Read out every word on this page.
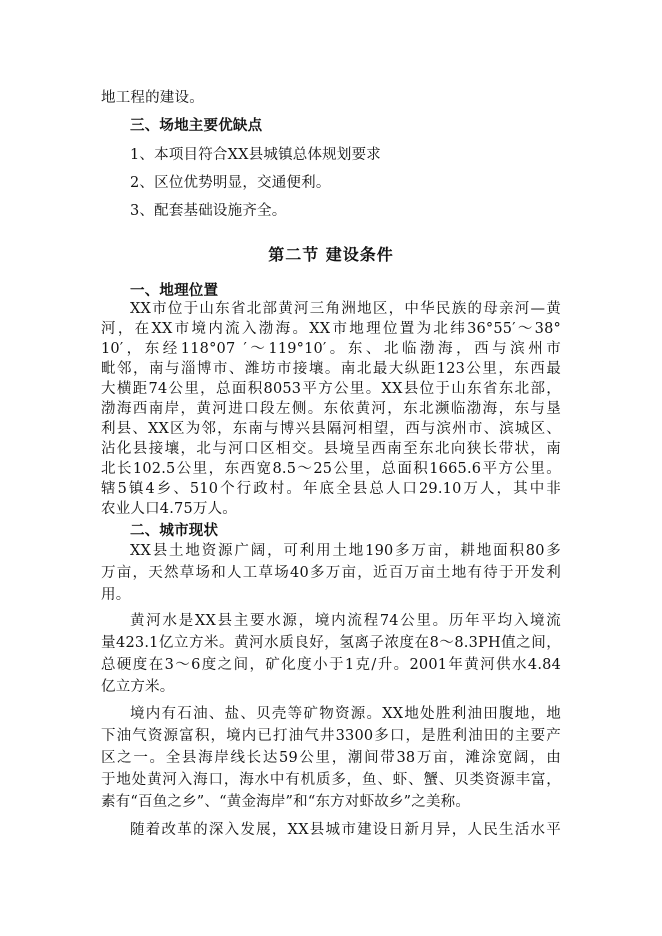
地工程的建设。
三、场地主要优缺点
1、本项目符合XX县城镇总体规划要求
2、区位优势明显，交通便利。
3、配套基础设施齐全。
第二节 建设条件
一、地理位置
XX市位于山东省北部黄河三角洲地区，中华民族的母亲河—黄
河，在XX市境内流入渤海。XX市地理位置为北纬36°55′～38°
10′，东经118°07 ′～119°10′。东、北临渤海，西与滨州市
毗邻，南与淄博市、潍坊市接壤。南北最大纵距123公里，东西最
大横距74公里，总面积8053平方公里。XX县位于山东省东北部，
渤海西南岸，黄河进口段左侧。东依黄河，东北濒临渤海，东与垦
利县、XX区为邻，东南与博兴县隔河相望，西与滨州市、滨城区、
沾化县接壤，北与河口区相交。县境呈西南至东北向狭长带状，南
北长102.5公里，东西宽8.5～25公里，总面积1665.6平方公里。
辖5镇4乡、510个行政村。年底全县总人口29.10万人，其中非
农业人口4.75万人。
二、城市现状
XX县土地资源广阔，可利用土地190多万亩，耕地面积80多
万亩，天然草场和人工草场40多万亩，近百万亩土地有待于开发利
用。
黄河水是XX县主要水源，境内流程74公里。历年平均入境流
量423.1亿立方米。黄河水质良好，氢离子浓度在8～8.3PH值之间，
总硬度在3～6度之间，矿化度小于1克/升。2001年黄河供水4.84
亿立方米。
境内有石油、盐、贝壳等矿物资源。XX地处胜利油田腹地，地
下油气资源富积，境内已打油气井3300多口，是胜利油田的主要产
区之一。全县海岸线长达59公里，潮间带38万亩，滩涂宽阔，由
于地处黄河入海口，海水中有机质多，鱼、虾、蟹、贝类资源丰富，
素有“百鱼之乡”、“黄金海岸”和“东方对虾故乡”之美称。
随着改革的深入发展，XX县城市建设日新月异，人民生活水平
